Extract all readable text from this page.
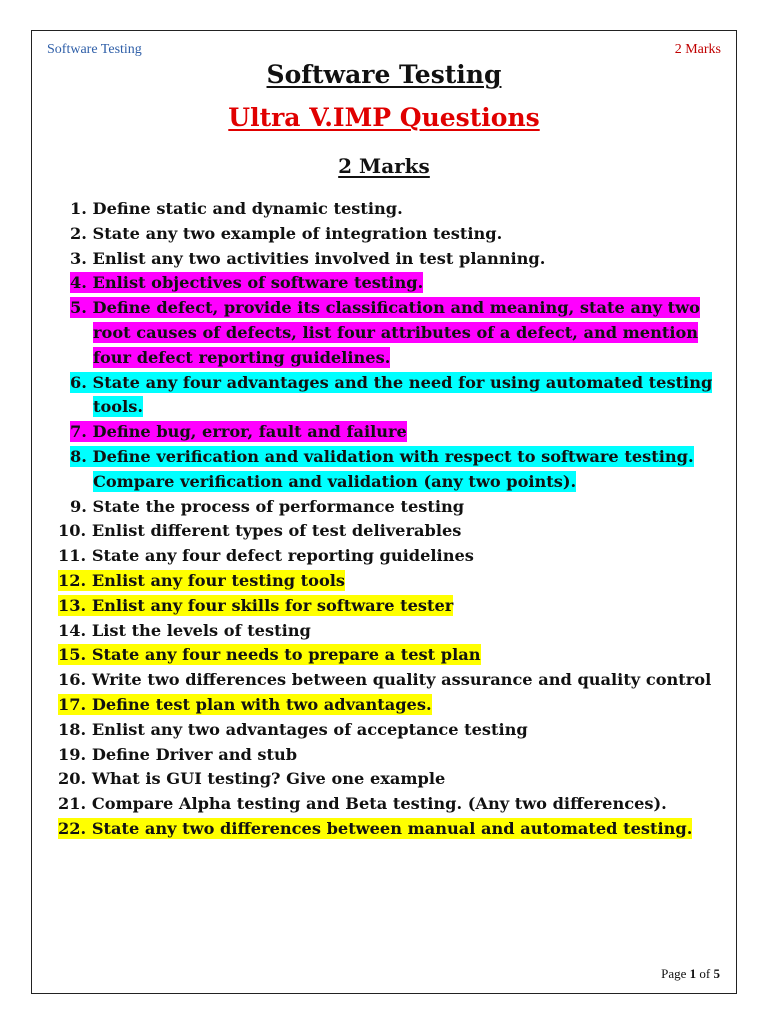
Software Testing	2 Marks
Software Testing
Ultra V.IMP Questions
2 Marks
1. Define static and dynamic testing.
2. State any two example of integration testing.
3. Enlist any two activities involved in test planning.
4. Enlist objectives of software testing.
5. Define defect, provide its classification and meaning, state any two root causes of defects, list four attributes of a defect, and mention four defect reporting guidelines.
6. State any four advantages and the need for using automated testing tools.
7. Define bug, error, fault and failure
8. Define verification and validation with respect to software testing. Compare verification and validation (any two points).
9. State the process of performance testing
10. Enlist different types of test deliverables
11. State any four defect reporting guidelines
12. Enlist any four testing tools
13. Enlist any four skills for software tester
14. List the levels of testing
15. State any four needs to prepare a test plan
16. Write two differences between quality assurance and quality control
17. Define test plan with two advantages.
18. Enlist any two advantages of acceptance testing
19. Define Driver and stub
20. What is GUI testing? Give one example
21. Compare Alpha testing and Beta testing. (Any two differences).
22. State any two differences between manual and automated testing.
Page 1 of 5
